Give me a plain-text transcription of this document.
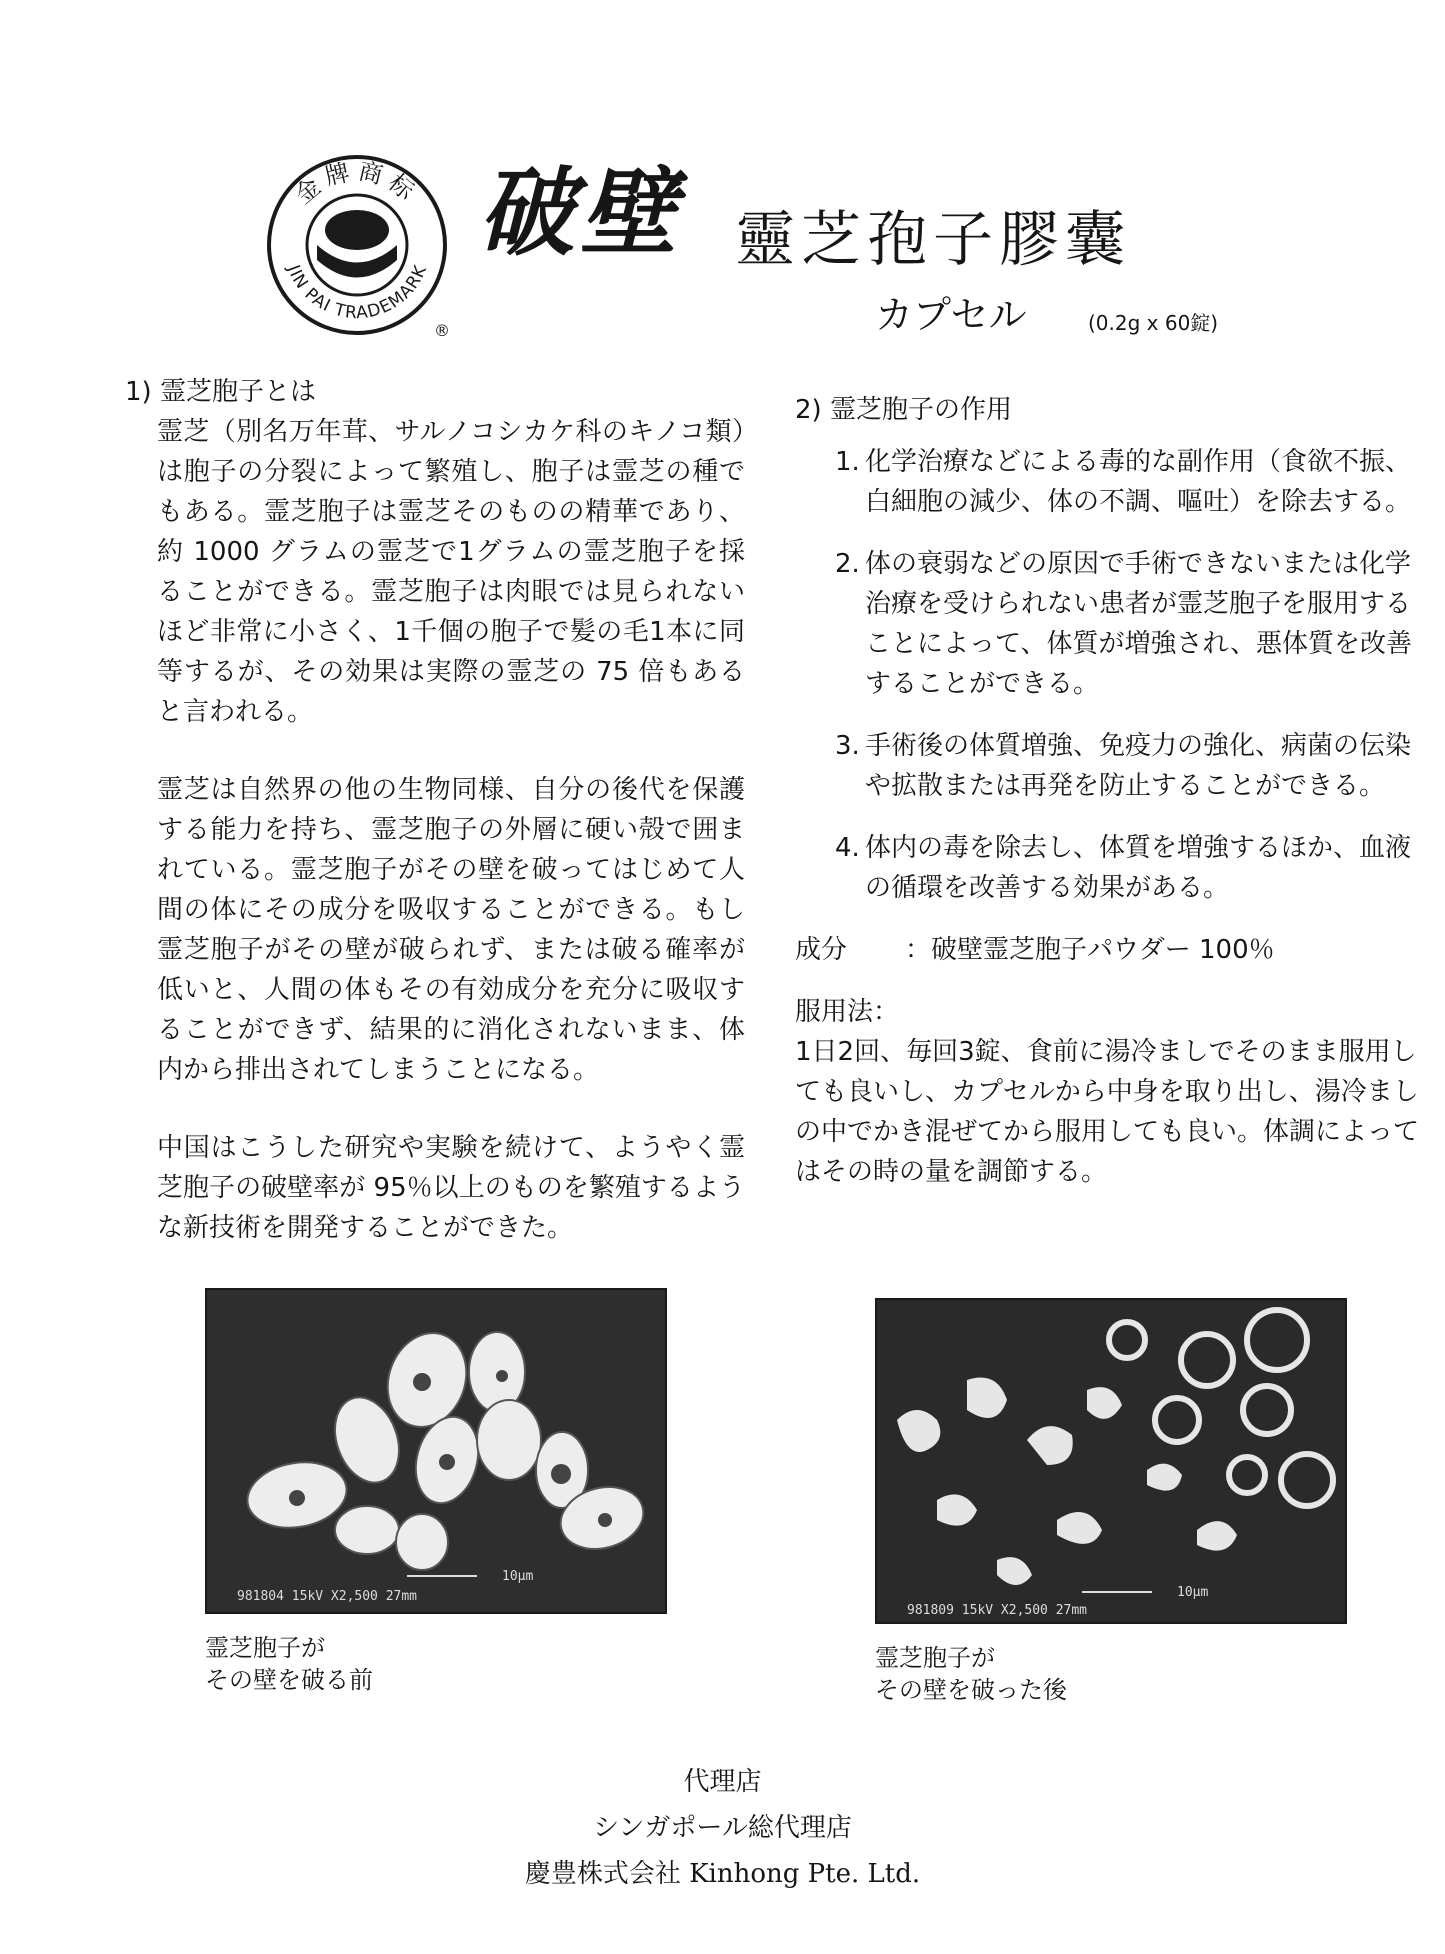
金牌商标
JIN PAI TRADEMARK
®
破壁 靈芝孢子膠囊
カプセル	(0.2g x 60錠)

1) 霊芝胞子とは

霊芝（別名万年茸、サルノコシカケ科のキノコ類）は胞子の分裂によって繁殖し、胞子は霊芝の種でもある。霊芝胞子は霊芝そのものの精華であり、約 1000 グラムの霊芝で1グラムの霊芝胞子を採ることができる。霊芝胞子は肉眼では見られないほど非常に小さく、1千個の胞子で髪の毛1本に同等するが、その効果は実際の霊芝の 75 倍もあると言われる。

霊芝は自然界の他の生物同様、自分の後代を保護する能力を持ち、霊芝胞子の外層に硬い殻で囲まれている。霊芝胞子がその壁を破ってはじめて人間の体にその成分を吸収することができる。もし霊芝胞子がその壁が破られず、または破る確率が低いと、人間の体もその有効成分を充分に吸収することができず、結果的に消化されないまま、体内から排出されてしまうことになる。

中国はこうした研究や実験を続けて、ようやく霊芝胞子の破壁率が 95％以上のものを繁殖するような新技術を開発することができた。

2) 霊芝胞子の作用

1. 化学治療などによる毒的な副作用（食欲不振、白細胞の減少、体の不調、嘔吐）を除去する。
2. 体の衰弱などの原因で手術できないまたは化学治療を受けられない患者が霊芝胞子を服用することによって、体質が増強され、悪体質を改善することができる。
3. 手術後の体質増強、免疫力の強化、病菌の伝染や拡散または再発を防止することができる。
4. 体内の毒を除去し、体質を増強するほか、血液の循環を改善する効果がある。
成分	：破壁霊芝胞子パウダー 100％

服用法：

1日2回、毎回3錠、食前に湯冷ましでそのまま服用しても良いし、カプセルから中身を取り出し、湯冷ましの中でかき混ぜてから服用しても良い。体調によってはその時の量を調節する。

10μm
981804 15kV X2,500 27mm
霊芝胞子が
その壁を破る前
10μm
981809 15kV X2,500 27mm
霊芝胞子が
その壁を破った後
代理店
シンガポール総代理店
慶豊株式会社 Kinhong Pte. Ltd.
